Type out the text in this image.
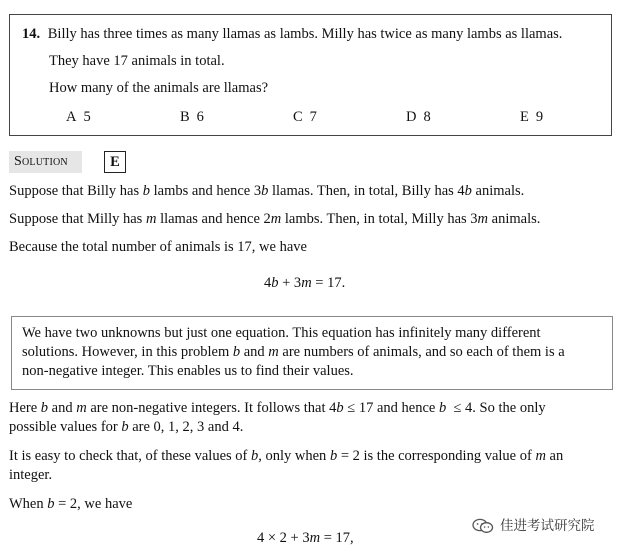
14. Billy has three times as many llamas as lambs. Milly has twice as many lambs as llamas.
They have 17 animals in total.
How many of the animals are llamas?
A 5	B 6	C 7	D 8	E 9
Solution	E
Suppose that Billy has b lambs and hence 3b llamas. Then, in total, Billy has 4b animals.
Suppose that Milly has m llamas and hence 2m lambs. Then, in total, Milly has 3m animals.
Because the total number of animals is 17, we have
4b + 3m = 17.
We have two unknowns but just one equation. This equation has infinitely many different
solutions. However, in this problem b and m are numbers of animals, and so each of them is a
non-negative integer. This enables us to find their values.
Here b and m are non-negative integers. It follows that 4b ≤ 17 and hence b  ≤ 4. So the only
possible values for b are 0, 1, 2, 3 and 4.
It is easy to check that, of these values of b, only when b = 2 is the corresponding value of m an
integer.
When b = 2, we have
4 × 2 + 3m = 17,
佳进考试研究院
